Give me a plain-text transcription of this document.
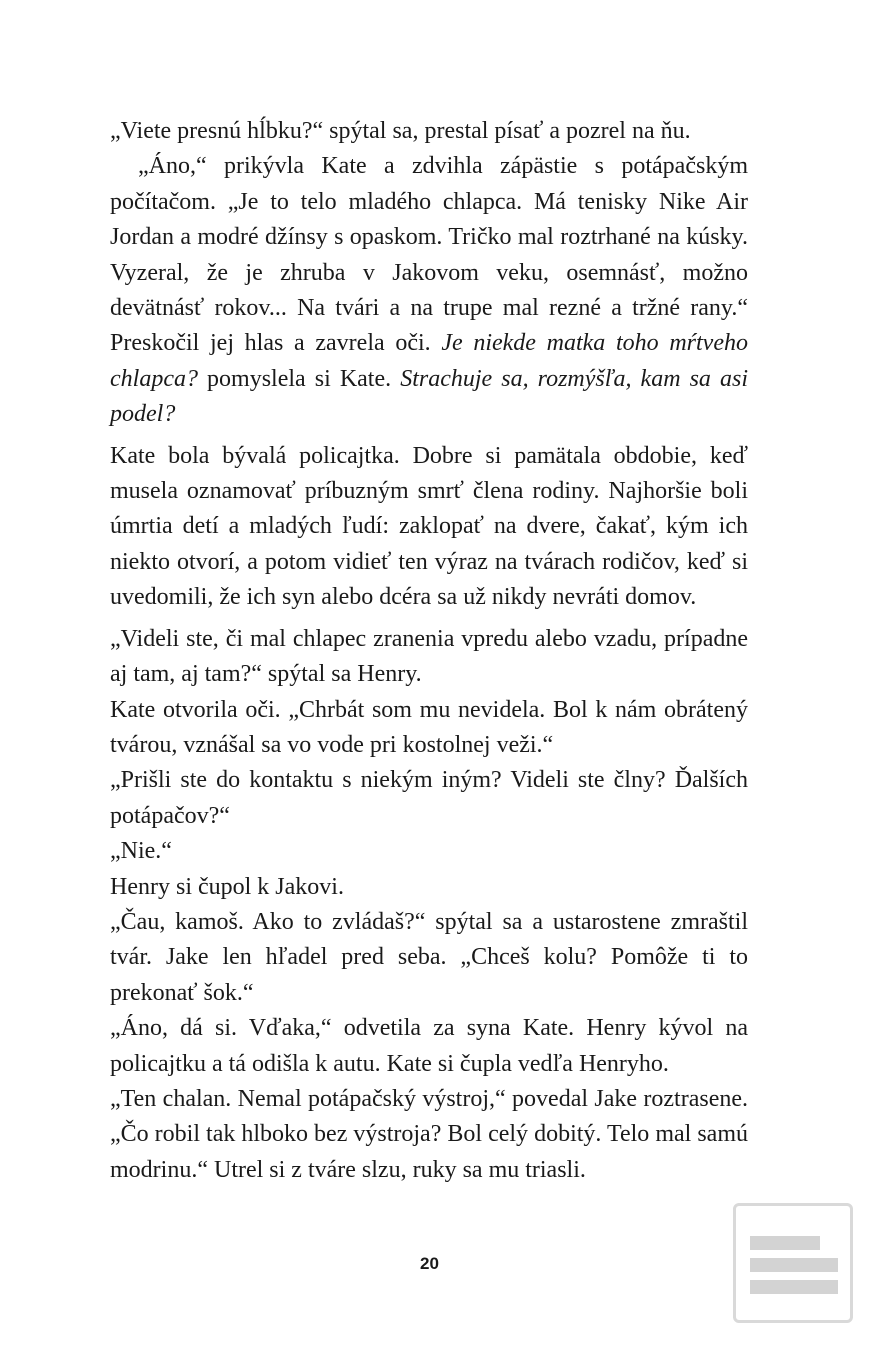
„Viete presnú hĺbku?“ spýtal sa, prestal písať a pozrel na ňu.

„Áno,“ prikývla Kate a zdvihla zápästie s potápačským počítačom. „Je to telo mladého chlapca. Má tenisky Nike Air Jordan a modré džínsy s opaskom. Tričko mal roztrhané na kúsky. Vyzeral, že je zhruba v Jakovom veku, osemnásť, možno devätnásť rokov... Na tvári a na trupe mal rezné a tržné rany.“ Preskočil jej hlas a zavrela oči. Je niekde matka toho mŕtveho chlapca? pomyslela si Kate. Strachuje sa, rozmýšľa, kam sa asi podel?

Kate bola bývalá policajtka. Dobre si pamätala obdobie, keď musela oznamovať príbuzným smrť člena rodiny. Najhoršie boli úmrtia detí a mladých ľudí: zaklopať na dvere, čakať, kým ich niekto otvorí, a potom vidieť ten výraz na tvárach rodičov, keď si uvedomili, že ich syn alebo dcéra sa už nikdy nevráti domov.

„Videli ste, či mal chlapec zranenia vpredu alebo vzadu, prípadne aj tam, aj tam?“ spýtal sa Henry.

Kate otvorila oči. „Chrbát som mu nevidela. Bol k nám obrátený tvárou, vznášal sa vo vode pri kostolnej veži.“

„Prišli ste do kontaktu s niekým iným? Videli ste člny? Ďalších potápačov?“

„Nie.“

Henry si čupol k Jakovi.

„Čau, kamoš. Ako to zvládaš?“ spýtal sa a ustarostene zmraštil tvár. Jake len hľadel pred seba. „Chceš kolu? Pomôže ti to prekonať šok.“

„Áno, dá si. Vďaka,“ odvetila za syna Kate. Henry kývol na policajtku a tá odišla k autu. Kate si čupla vedľa Henryho.

„Ten chalan. Nemal potápačský výstroj,“ povedal Jake roztrasene. „Čo robil tak hlboko bez výstroja? Bol celý dobitý. Telo mal samú modrinu.“ Utrel si z tváre slzu, ruky sa mu triasli.

20
